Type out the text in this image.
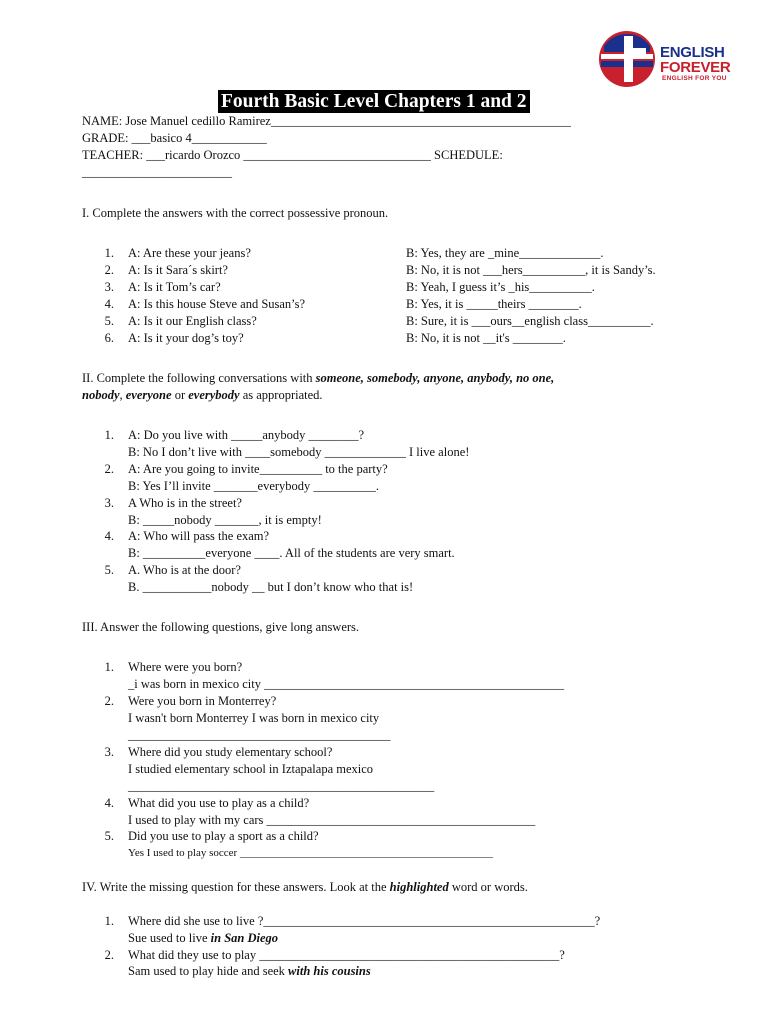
ENGLISH
FOREVER
ENGLISH FOR YOU
Fourth Basic Level Chapters 1 and 2
NAME: Jose Manuel cedillo Ramirez________________________________________________
GRADE: ___basico 4____________
TEACHER: ___ricardo Orozco ______________________________ SCHEDULE:
________________________
I. Complete the answers with the correct possessive pronoun.
1. A: Are these your jeans?	B: Yes, they are _mine_____________.
2. A: Is it Sara´s skirt?	B: No, it is not ___hers__________, it is Sandy’s.
3. A: Is it Tom’s car?	B: Yeah, I guess it’s _his__________.
4. A: Is this house Steve and Susan’s?	B: Yes, it is _____theirs ________.
5. A: Is it our English class?	B: Sure, it is ___ours__english class__________.
6. A: Is it your dog’s toy?	B: No, it is not __it's ________.
II. Complete the following conversations with someone, somebody, anyone, anybody, no one,
nobody, everyone or everybody as appropriated.
1. A: Do you live with _____anybody ________?
B: No I don’t live with ____somebody _____________ I live alone!
2. A: Are you going to invite__________ to the party?
B: Yes I’ll invite _______everybody __________.
3. A Who is in the street?
B: _____nobody _______, it is empty!
4. A: Who will pass the exam?
B: __________everyone ____. All of the students are very smart.
5. A. Who is at the door?
B. ___________nobody __ but I don’t know who that is!
III. Answer the following questions, give long answers.
1. Where were you born?
_i was born in mexico city ________________________________________________
2. Were you born in Monterrey?
I wasn't born Monterrey I was born in mexico city
__________________________________________
3. Where did you study elementary school?
I studied elementary school in Iztapalapa mexico
_________________________________________________
4. What did you use to play as a child?
I used to play with my cars ___________________________________________
5. Did you use to play a sport as a child?
Yes I used to play soccer ______________________________________________
IV. Write the missing question for these answers. Look at the highlighted word or words.
1. Where did she use to live ?_____________________________________________________?
Sue used to live in San Diego
2. What did they use to play ________________________________________________?
Sam used to play hide and seek with his cousins
